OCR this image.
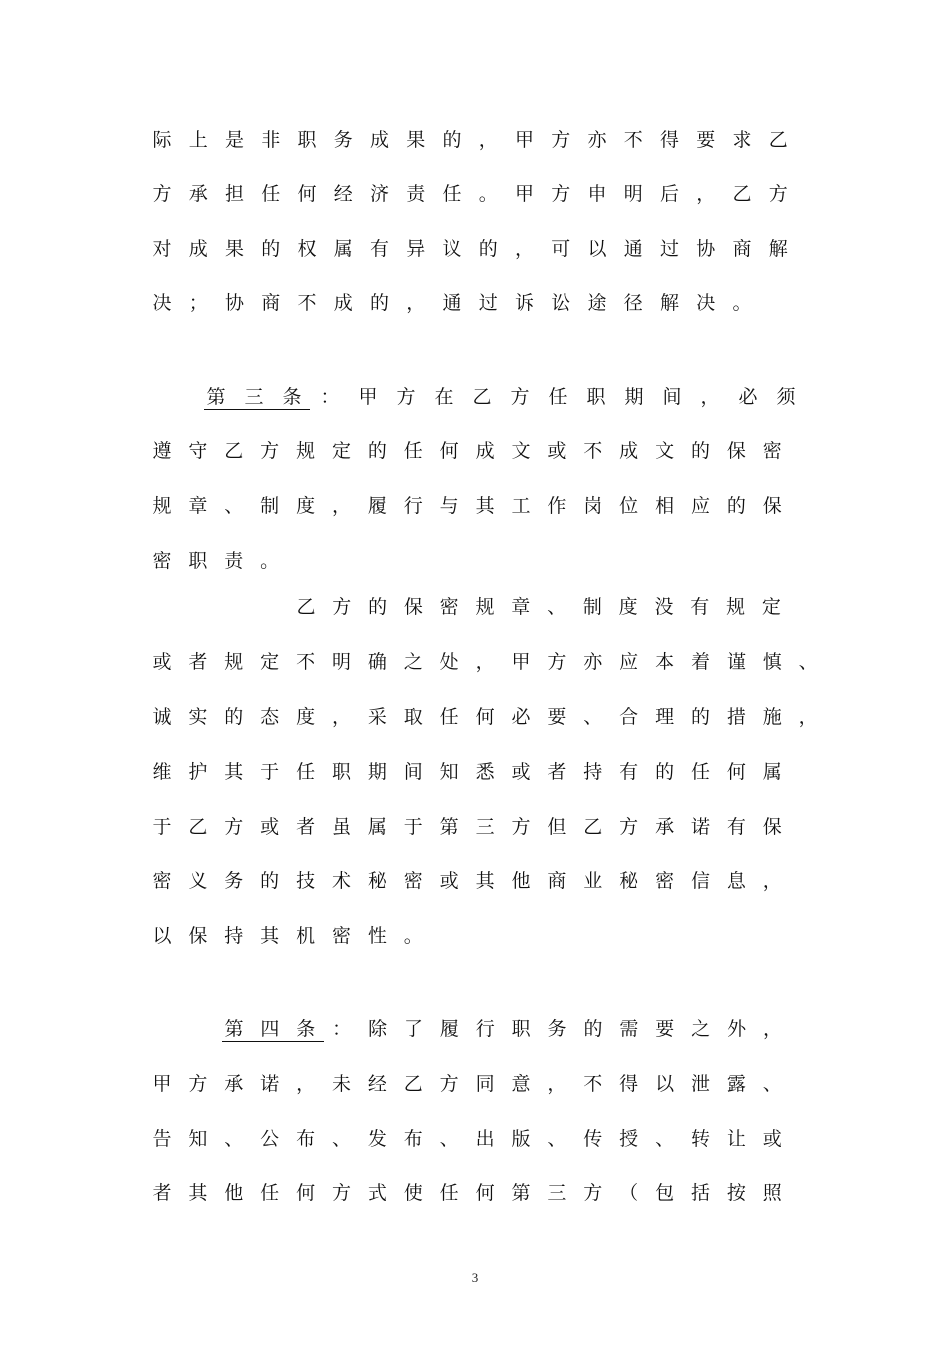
际 上 是 非 职 务 成 果 的 ， 甲 方 亦 不 得 要 求 乙
方 承 担 任 何 经 济 责 任 。 甲 方 申 明 后 ， 乙 方
对 成 果 的 权 属 有 异 议 的 ， 可 以 通 过 协 商 解
决 ； 协 商 不 成 的 ， 通 过 诉 讼 途 径 解 决 。
第 三 条 ： 甲 方 在 乙 方 任 职 期 间 ， 必 须
遵 守 乙 方 规 定 的 任 何 成 文 或 不 成 文 的 保 密
规 章 、 制 度 ， 履 行 与 其 工 作 岗 位 相 应 的 保
密 职 责 。
乙 方 的 保 密 规 章 、 制 度 没 有 规 定
或 者 规 定 不 明 确 之 处 ， 甲 方 亦 应 本 着 谨 慎 、
诚 实 的 态 度 ， 采 取 任 何 必 要 、 合 理 的 措 施 ，
维 护 其 于 任 职 期 间 知 悉 或 者 持 有 的 任 何 属
于 乙 方 或 者 虽 属 于 第 三 方 但 乙 方 承 诺 有 保
密 义 务 的 技 术 秘 密 或 其 他 商 业 秘 密 信 息 ，
以 保 持 其 机 密 性 。
第 四 条 ： 除 了 履 行 职 务 的 需 要 之 外 ，
甲 方 承 诺 ， 未 经 乙 方 同 意 ， 不 得 以 泄 露 、
告 知 、 公 布 、 发 布 、 出 版 、 传 授 、 转 让 或
者 其 他 任 何 方 式 使 任 何 第 三 方 （ 包 括 按 照
3
